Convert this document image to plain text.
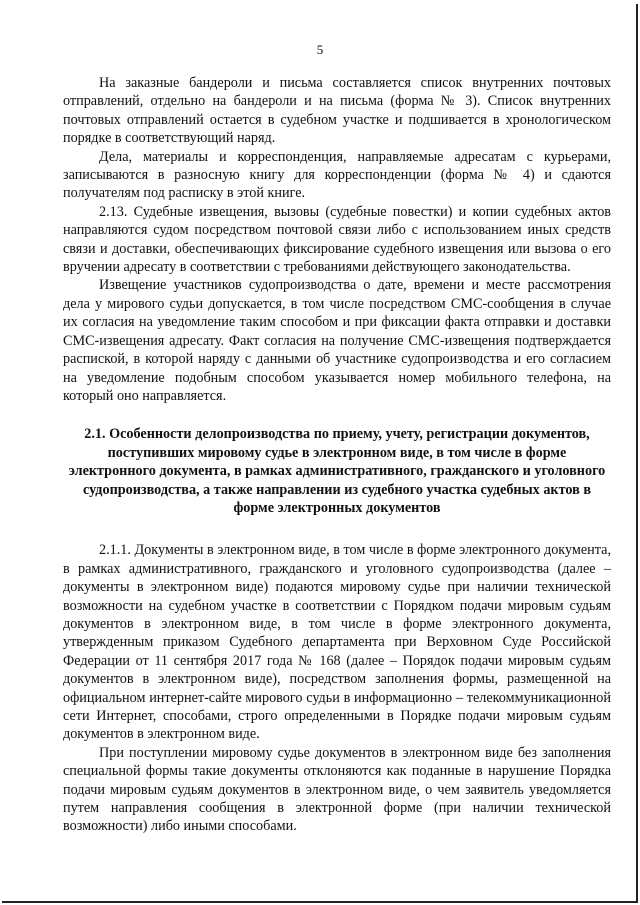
5

На заказные бандероли и письма составляется список внутренних почтовых отправлений, отдельно на бандероли и на письма (форма № 3). Список внутренних почтовых отправлений остается в судебном участке и подшивается в хронологическом порядке в соответствующий наряд.

Дела, материалы и корреспонденция, направляемые адресатам с курьерами, записываются в разносную книгу для корреспонденции (форма № 4) и сдаются получателям под расписку в этой книге.

2.13. Судебные извещения, вызовы (судебные повестки) и копии судебных актов направляются судом посредством почтовой связи либо с использованием иных средств связи и доставки, обеспечивающих фиксирование судебного извещения или вызова о его вручении адресату в соответствии с требованиями действующего законодательства.

Извещение участников судопроизводства о дате, времени и месте рассмотрения дела у мирового судьи допускается, в том числе посредством СМС-сообщения в случае их согласия на уведомление таким способом и при фиксации факта отправки и доставки СМС-извещения адресату. Факт согласия на получение СМС-извещения подтверждается распиской, в которой наряду с данными об участнике судопроизводства и его согласием на уведомление подобным способом указывается номер мобильного телефона, на который оно направляется.

2.1. Особенности делопроизводства по приему, учету, регистрации документов, поступивших мировому судье в электронном виде, в том числе в форме электронного документа, в рамках административного, гражданского и уголовного судопроизводства, а также направлении из судебного участка судебных актов в форме электронных документов

2.1.1. Документы в электронном виде, в том числе в форме электронного документа, в рамках административного, гражданского и уголовного судопроизводства (далее – документы в электронном виде) подаются мировому судье при наличии технической возможности на судебном участке в соответствии с Порядком подачи мировым судьям документов в электронном виде, в том числе в форме электронного документа, утвержденным приказом Судебного департамента при Верховном Суде Российской Федерации от 11 сентября 2017 года № 168 (далее – Порядок подачи мировым судьям документов в электронном виде), посредством заполнения формы, размещенной на официальном интернет-сайте мирового судьи в информационно – телекоммуникационной сети Интернет, способами, строго определенными в Порядке подачи мировым судьям документов в электронном виде.

При поступлении мировому судье документов в электронном виде без заполнения специальной формы такие документы отклоняются как поданные в нарушение Порядка подачи мировым судьям документов в электронном виде, о чем заявитель уведомляется путем направления сообщения в электронной форме (при наличии технической возможности) либо иными способами.
